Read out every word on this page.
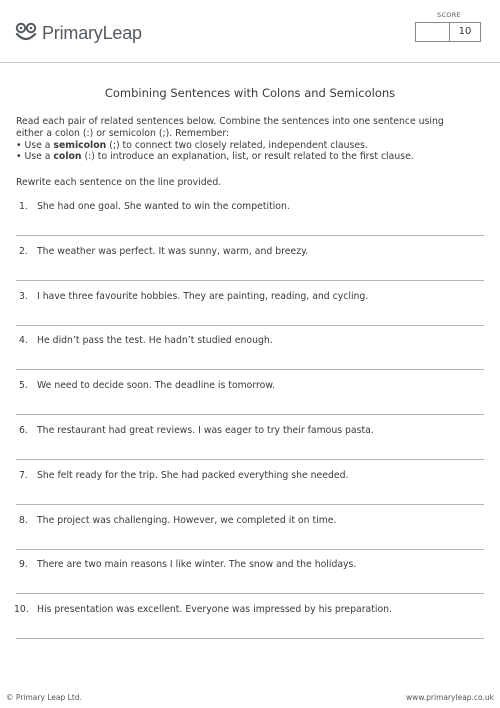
PrimaryLeap
SCORE
10
Combining Sentences with Colons and Semicolons

Read each pair of related sentences below. Combine the sentences into one sentence using

either a colon (:) or semicolon (;). Remember:

• Use a semicolon (;) to connect two closely related, independent clauses.

• Use a colon (:) to introduce an explanation, list, or result related to the first clause.

Rewrite each sentence on the line provided.
1. She had one goal. She wanted to win the competition.
2. The weather was perfect. It was sunny, warm, and breezy.
3. I have three favourite hobbies. They are painting, reading, and cycling.
4. He didn’t pass the test. He hadn’t studied enough.
5. We need to decide soon. The deadline is tomorrow.
6. The restaurant had great reviews. I was eager to try their famous pasta.
7. She felt ready for the trip. She had packed everything she needed.
8. The project was challenging. However, we completed it on time.
9. There are two main reasons I like winter. The snow and the holidays.
10. His presentation was excellent. Everyone was impressed by his preparation.
© Primary Leap Ltd.	www.primaryleap.co.uk
